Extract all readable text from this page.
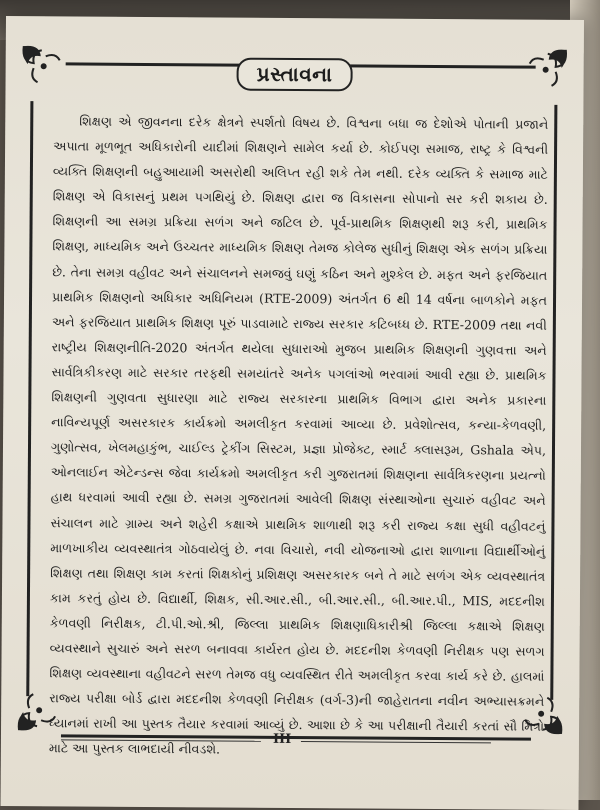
પ્રસ્તાવના

શિક્ષણ એ જીવનના દરેક ક્ષેત્રને સ્પર્શતો વિષય છે. વિશ્વના બધા જ દેશોએ પોતાની પ્રજાને અપાતા મૂળભૂત અધિકારોની યાદીમાં શિક્ષણને સામેલ કર્યા છે. કોઈપણ સમાજ, રાષ્ટ્ર કે વિશ્વની વ્યક્તિ શિક્ષણની બહુઆયામી અસરોથી અલિપ્ત રહી શકે તેમ નથી. દરેક વ્યક્તિ કે સમાજ માટે શિક્ષણ એ વિકાસનું પ્રથમ પગથિયું છે. શિક્ષણ દ્વારા જ વિકાસના સોપાનો સર કરી શકાય છે. શિક્ષણની આ સમગ્ર પ્રક્રિયા સળંગ અને જટિલ છે. પૂર્વ-પ્રાથમિક શિક્ષણથી શરૂ કરી, પ્રાથમિક શિક્ષણ, માધ્યમિક અને ઉચ્ચતર માધ્યમિક શિક્ષણ તેમજ કોલેજ સુધીનું શિક્ષણ એક સળંગ પ્રક્રિયા છે. તેના સમગ્ર વહીવટ અને સંચાલનને સમજવું ઘણું કઠિન અને મુશ્કેલ છે. મફત અને ફરજિયાત પ્રાથમિક શિક્ષણનો અધિકાર અધિનિયમ (RTE-2009) અંતર્ગત 6 થી 14 વર્ષના બાળકોને મફત અને ફરજિયાત પ્રાથમિક શિક્ષણ પૂરું પાડવામાટે રાજ્ય સરકાર કટિબધ્ધ છે. RTE-2009 તથા નવી રાષ્ટ્રીય શિક્ષણનીતિ-2020 અંતર્ગત થયેલા સુધારાઓ મુજબ પ્રાથમિક શિક્ષણની ગુણવત્તા અને સાર્વત્રિકીકરણ માટે સરકાર તરફથી સમયાંતરે અનેક પગલાંઓ ભરવામાં આવી રહ્યા છે. પ્રાથમિક શિક્ષણની ગુણવતા સુધારણા માટે રાજ્ય સરકારના પ્રાથમિક વિભાગ દ્વારા અનેક પ્રકારના નાવિન્યપૂર્ણ અસરકારક કાર્યક્રમો અમલીકૃત કરવામાં આવ્યા છે. પ્રવેશોત્સવ, કન્યા-કેળવણી, ગુણોત્સવ, ખેલમહાકુંભ, ચાઈલ્ડ ટ્રેકીંગ સિસ્ટમ, પ્રજ્ઞા પ્રોજેક્ટ, સ્માર્ટ ક્લાસરૂમ, Gshala એપ, ઓનલાઈન એટેન્ડન્સ જેવા કાર્યક્રમો અમલીકૃત કરી ગુજરાતમાં શિક્ષણના સાર્વત્રિકરણના પ્રયત્નો હાથ ધરવામાં આવી રહ્યા છે. સમગ્ર ગુજરાતમાં આવેલી શિક્ષણ સંસ્થાઓના સુચારું વહીવટ અને સંચાલન માટે ગ્રામ્ય અને શહેરી કક્ષાએ પ્રાથમિક શાળાથી શરૂ કરી રાજ્ય કક્ષા સુધી વહીવટનું માળખાકીય વ્યવસ્થાતંત્ર ગોઠવાયેલું છે. નવા વિચારો, નવી યોજનાઓ દ્વારા શાળાના વિદ્યાર્થીઓનું શિક્ષણ તથા શિક્ષણ કામ કરતાં શિક્ષકોનું પ્રશિક્ષણ અસરકારક બને તે માટે સળંગ એક વ્યવસ્થાતંત્ર કામ કરતું હોય છે. વિદ્યાર્થી, શિક્ષક, સી.આર.સી., બી.આર.સી., બી.આર.પી., MIS, મદદનીશ કેળવણી નિરીક્ષક, ટી.પી.ઓ.શ્રી, જિલ્લા પ્રાથમિક શિક્ષણાધિકારીશ્રી જિલ્લા કક્ષાએ શિક્ષણ વ્યવસ્થાને સુચારું અને સરળ બનાવવા કાર્યરત હોય છે. મદદનીશ કેળવણી નિરીક્ષક પણ સળગ શિક્ષણ વ્યવસ્થાના વહીવટને સરળ તેમજ વધુ વ્યવસ્થિત રીતે અમલીકૃત કરવા કાર્ય કરે છે. હાલમાં રાજ્ય પરીક્ષા બોર્ડ દ્વારા મદદનીશ કેળવણી નિરીક્ષક (વર્ગ-3)ની જાહેરાતના નવીન અભ્યાસક્રમને ધ્યાનમાં રાખી આ પુસ્તક તૈયાર કરવામાં આવ્યું છે. આશા છે કે આ પરીક્ષાની તૈયારી કરતાં સૌ મિત્રો માટે આ પુસ્તક લાભદાયી નીવડશે.

III
